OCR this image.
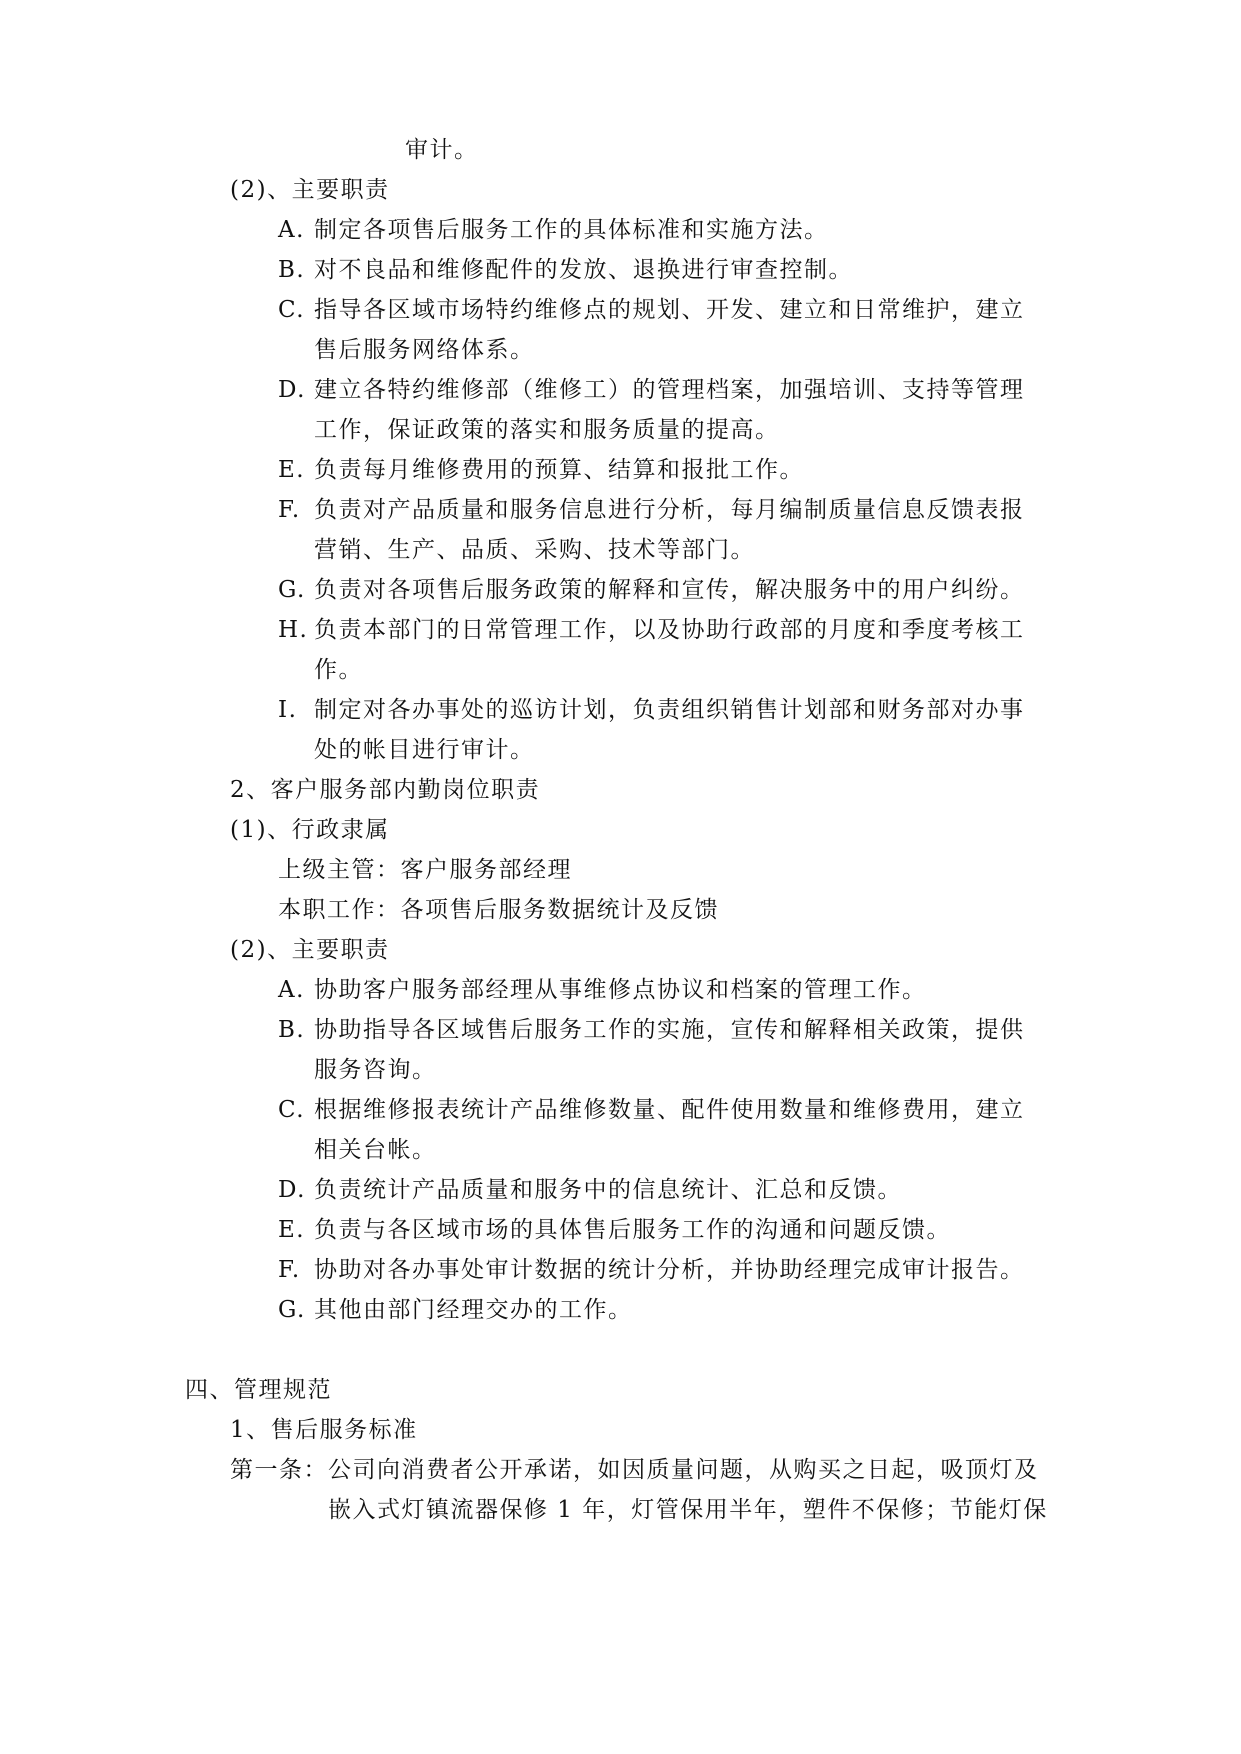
审计。
(2)、主要职责
A. 制定各项售后服务工作的具体标准和实施方法。
B. 对不良品和维修配件的发放、退换进行审查控制。
C. 指导各区域市场特约维修点的规划、开发、建立和日常维护，建立
售后服务网络体系。
D. 建立各特约维修部（维修工）的管理档案，加强培训、支持等管理
工作，保证政策的落实和服务质量的提高。
E. 负责每月维修费用的预算、结算和报批工作。
F. 负责对产品质量和服务信息进行分析，每月编制质量信息反馈表报
营销、生产、品质、采购、技术等部门。
G. 负责对各项售后服务政策的解释和宣传，解决服务中的用户纠纷。
H. 负责本部门的日常管理工作，以及协助行政部的月度和季度考核工
作。
I. 制定对各办事处的巡访计划，负责组织销售计划部和财务部对办事
处的帐目进行审计。
2、客户服务部内勤岗位职责
(1)、行政隶属
上级主管：客户服务部经理
本职工作：各项售后服务数据统计及反馈
(2)、主要职责
A. 协助客户服务部经理从事维修点协议和档案的管理工作。
B. 协助指导各区域售后服务工作的实施，宣传和解释相关政策，提供
服务咨询。
C. 根据维修报表统计产品维修数量、配件使用数量和维修费用，建立
相关台帐。
D. 负责统计产品质量和服务中的信息统计、汇总和反馈。
E. 负责与各区域市场的具体售后服务工作的沟通和问题反馈。
F. 协助对各办事处审计数据的统计分析，并协助经理完成审计报告。
G. 其他由部门经理交办的工作。
四、管理规范
1、售后服务标准
第一条：公司向消费者公开承诺，如因质量问题，从购买之日起，吸顶灯及
嵌入式灯镇流器保修 1 年，灯管保用半年，塑件不保修；节能灯保
